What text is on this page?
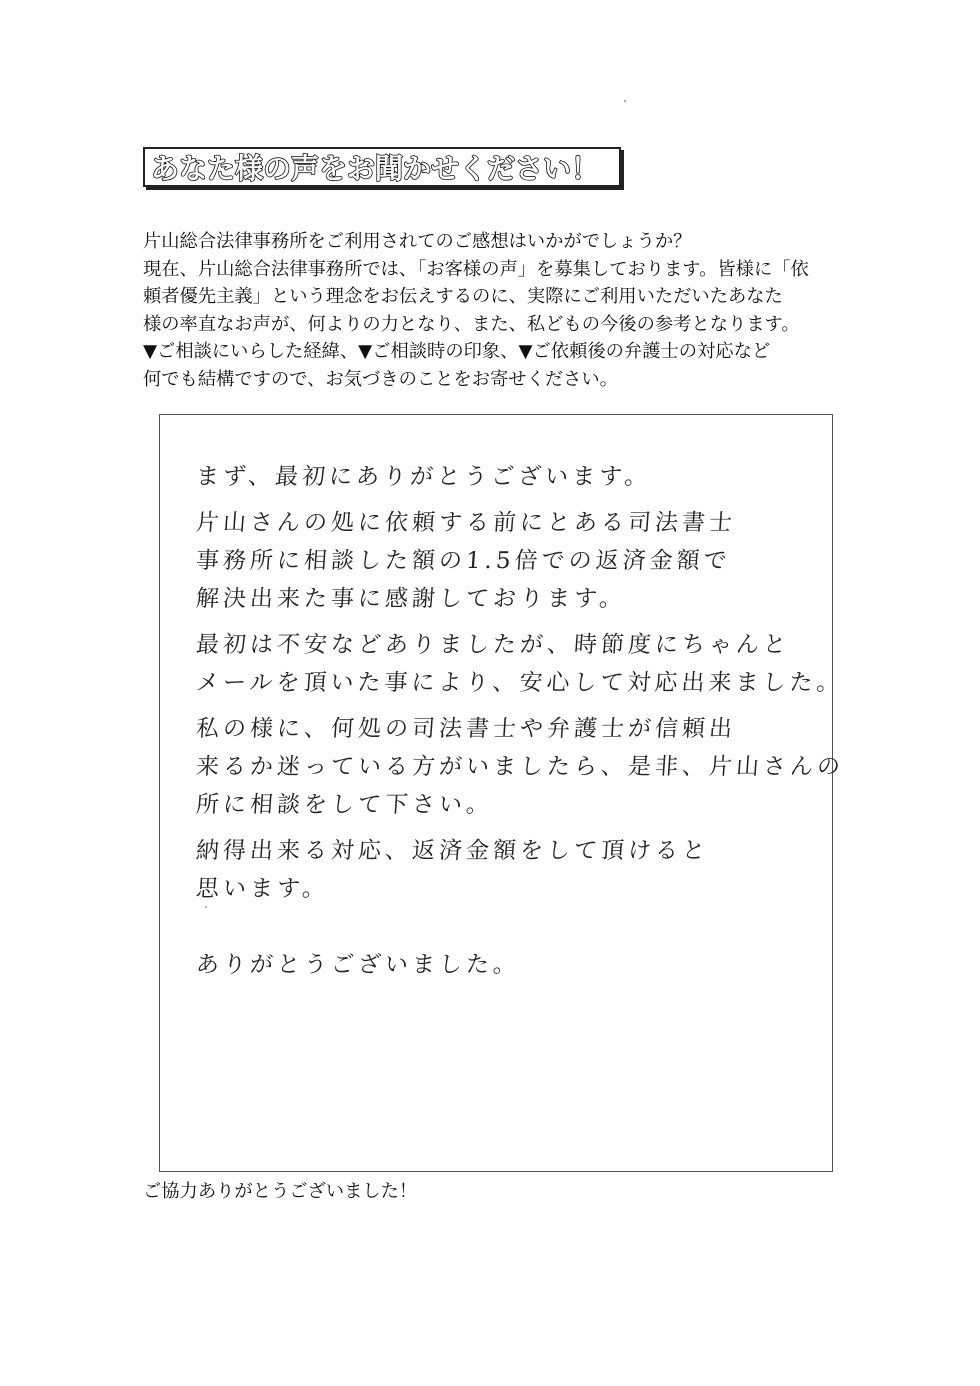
あなた様の声をお聞かせください！
片山総合法律事務所をご利用されてのご感想はいかがでしょうか？
現在、片山総合法律事務所では、「お客様の声」を募集しております。皆様に「依
頼者優先主義」という理念をお伝えするのに、実際にご利用いただいたあなた
様の率直なお声が、何よりの力となり、また、私どもの今後の参考となります。
▼ご相談にいらした経緯、▼ご相談時の印象、▼ご依頼後の弁護士の対応など
何でも結構ですので、お気づきのことをお寄せください。
まず、最初にありがとうございます。
片山さんの処に依頼する前にとある司法書士
事務所に相談した額の1.5倍での返済金額で
解決出来た事に感謝しております。
最初は不安などありましたが、時節度にちゃんと
メールを頂いた事により、安心して対応出来ました。
私の様に、何処の司法書士や弁護士が信頼出
来るか迷っている方がいましたら、是非、片山さんの
所に相談をして下さい。
納得出来る対応、返済金額をして頂けると
思います。
ありがとうございました。
ご協力ありがとうございました！
